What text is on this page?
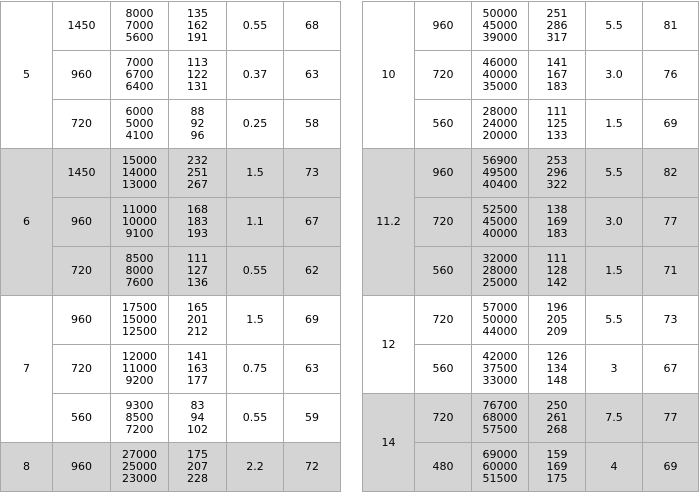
5	1450	8000
7000
5600	135
162
191	0.55	68
	960	7000
6700
6400	113
122
131	0.37	63
	720	6000
5000
4100	88
92
96	0.25	58
6	1450	15000
14000
13000	232
251
267	1.5	73
	960	11000
10000
9100	168
183
193	1.1	67
	720	8500
8000
7600	111
127
136	0.55	62
7	960	17500
15000
12500	165
201
212	1.5	69
	720	12000
11000
9200	141
163
177	0.75	63
	560	9300
8500
7200	83
94
102	0.55	59
8	960	27000
25000
23000	175
207
228	2.2	72
10	960	50000
45000
39000	251
286
317	5.5	81
	720	46000
40000
35000	141
167
183	3.0	76
	560	28000
24000
20000	111
125
133	1.5	69
11.2	960	56900
49500
40400	253
296
322	5.5	82
	720	52500
45000
40000	138
169
183	3.0	77
	560	32000
28000
25000	111
128
142	1.5	71
12	720	57000
50000
44000	196
205
209	5.5	73
	560	42000
37500
33000	126
134
148	3	67
14	720	76700
68000
57500	250
261
268	7.5	77
	480	69000
60000
51500	159
169
175	4	69
